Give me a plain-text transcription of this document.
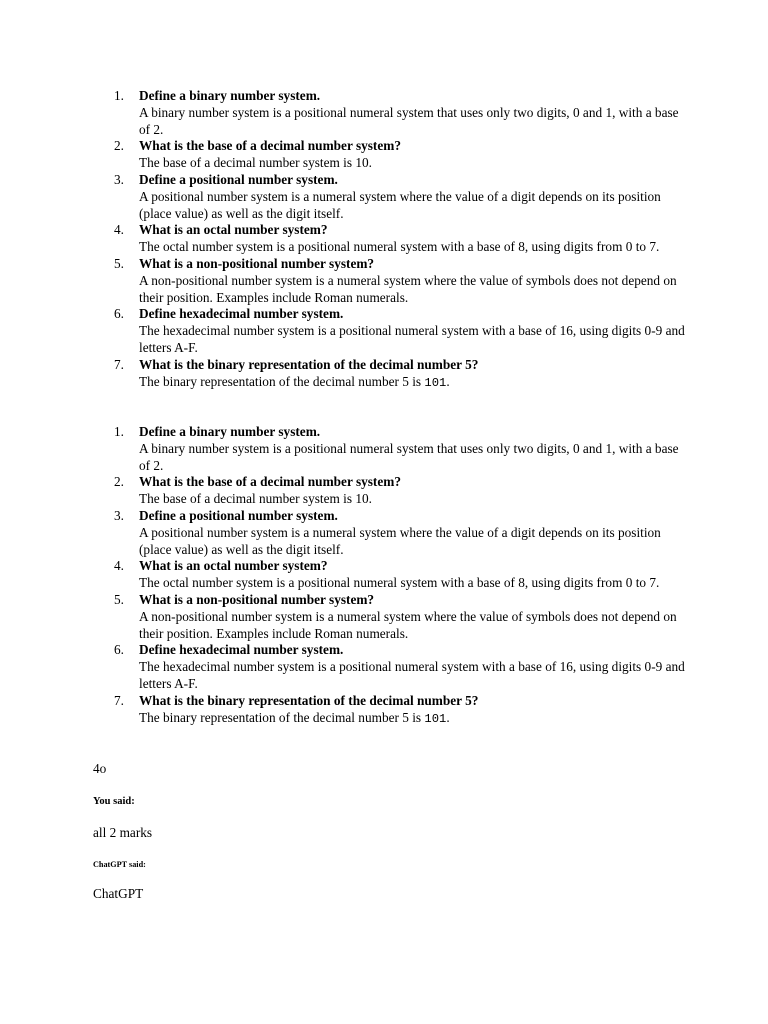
1. Define a binary number system.
A binary number system is a positional numeral system that uses only two digits, 0 and 1, with a base of 2.
2. What is the base of a decimal number system?
The base of a decimal number system is 10.
3. Define a positional number system.
A positional number system is a numeral system where the value of a digit depends on its position (place value) as well as the digit itself.
4. What is an octal number system?
The octal number system is a positional numeral system with a base of 8, using digits from 0 to 7.
5. What is a non-positional number system?
A non-positional number system is a numeral system where the value of symbols does not depend on their position. Examples include Roman numerals.
6. Define hexadecimal number system.
The hexadecimal number system is a positional numeral system with a base of 16, using digits 0-9 and letters A-F.
7. What is the binary representation of the decimal number 5?
The binary representation of the decimal number 5 is 101.
1. Define a binary number system.
A binary number system is a positional numeral system that uses only two digits, 0 and 1, with a base of 2.
2. What is the base of a decimal number system?
The base of a decimal number system is 10.
3. Define a positional number system.
A positional number system is a numeral system where the value of a digit depends on its position (place value) as well as the digit itself.
4. What is an octal number system?
The octal number system is a positional numeral system with a base of 8, using digits from 0 to 7.
5. What is a non-positional number system?
A non-positional number system is a numeral system where the value of symbols does not depend on their position. Examples include Roman numerals.
6. Define hexadecimal number system.
The hexadecimal number system is a positional numeral system with a base of 16, using digits 0-9 and letters A-F.
7. What is the binary representation of the decimal number 5?
The binary representation of the decimal number 5 is 101.
4o
You said:
all 2 marks
ChatGPT said:
ChatGPT
